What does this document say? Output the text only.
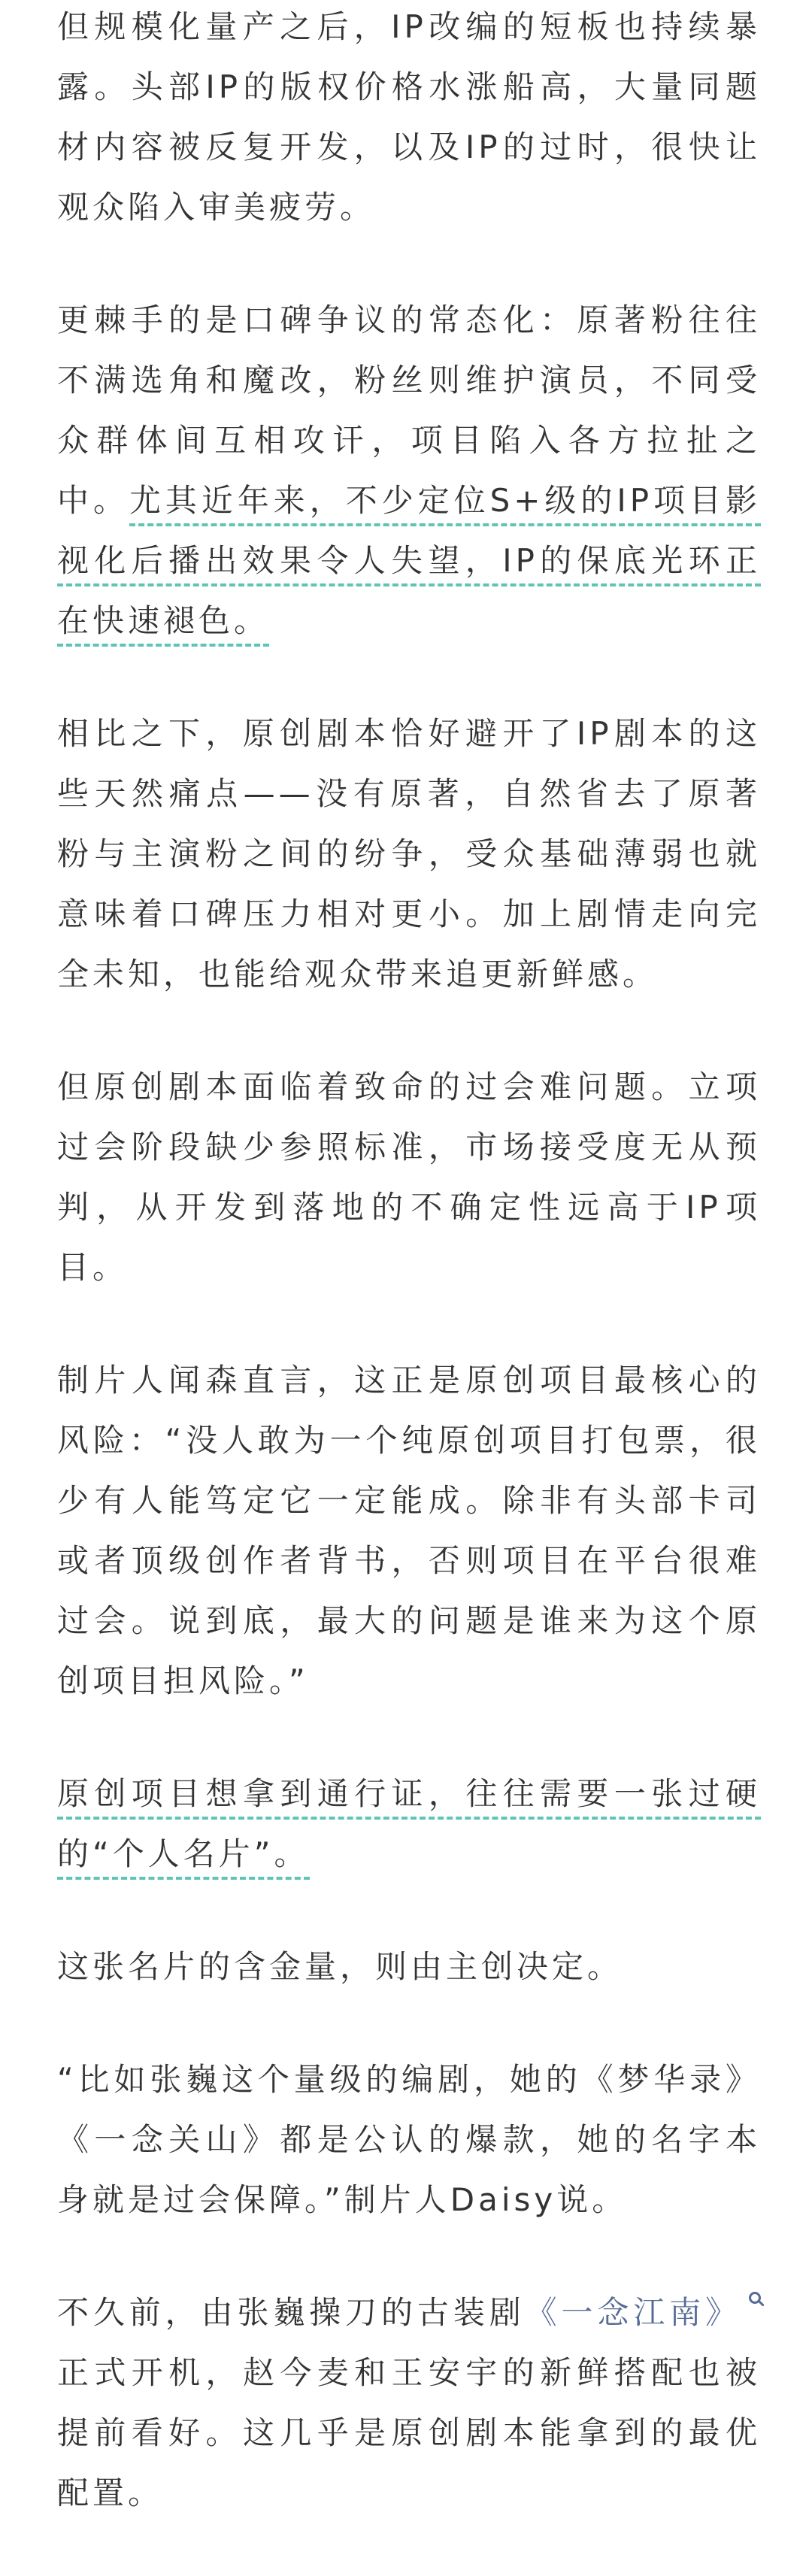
但规模化量产之后，IP改编的短板也持续暴露。头部IP的版权价格水涨船高，大量同题材内容被反复开发，以及IP的过时，很快让观众陷入审美疲劳。

更棘手的是口碑争议的常态化：原著粉往往不满选角和魔改，粉丝则维护演员，不同受众群体间互相攻讦，项目陷入各方拉扯之中。尤其近年来，不少定位S+级的IP项目影视化后播出效果令人失望，IP的保底光环正在快速褪色。

相比之下，原创剧本恰好避开了IP剧本的这些天然痛点——没有原著，自然省去了原著粉与主演粉之间的纷争，受众基础薄弱也就意味着口碑压力相对更小。加上剧情走向完全未知，也能给观众带来追更新鲜感。

但原创剧本面临着致命的过会难问题。立项过会阶段缺少参照标准，市场接受度无从预判，从开发到落地的不确定性远高于IP项目。

制片人闻森直言，这正是原创项目最核心的风险：“没人敢为一个纯原创项目打包票，很少有人能笃定它一定能成。除非有头部卡司或者顶级创作者背书，否则项目在平台很难过会。说到底，最大的问题是谁来为这个原创项目担风险。”

原创项目想拿到通行证，往往需要一张过硬的“个人名片”。

这张名片的含金量，则由主创决定。

“比如张巍这个量级的编剧，她的《梦华录》《一念关山》都是公认的爆款，她的名字本身就是过会保障。”制片人Daisy说。

不久前，由张巍操刀的古装剧《一念江南》正式开机，赵今麦和王安宇的新鲜搭配也被提前看好。这几乎是原创剧本能拿到的最优配置。
